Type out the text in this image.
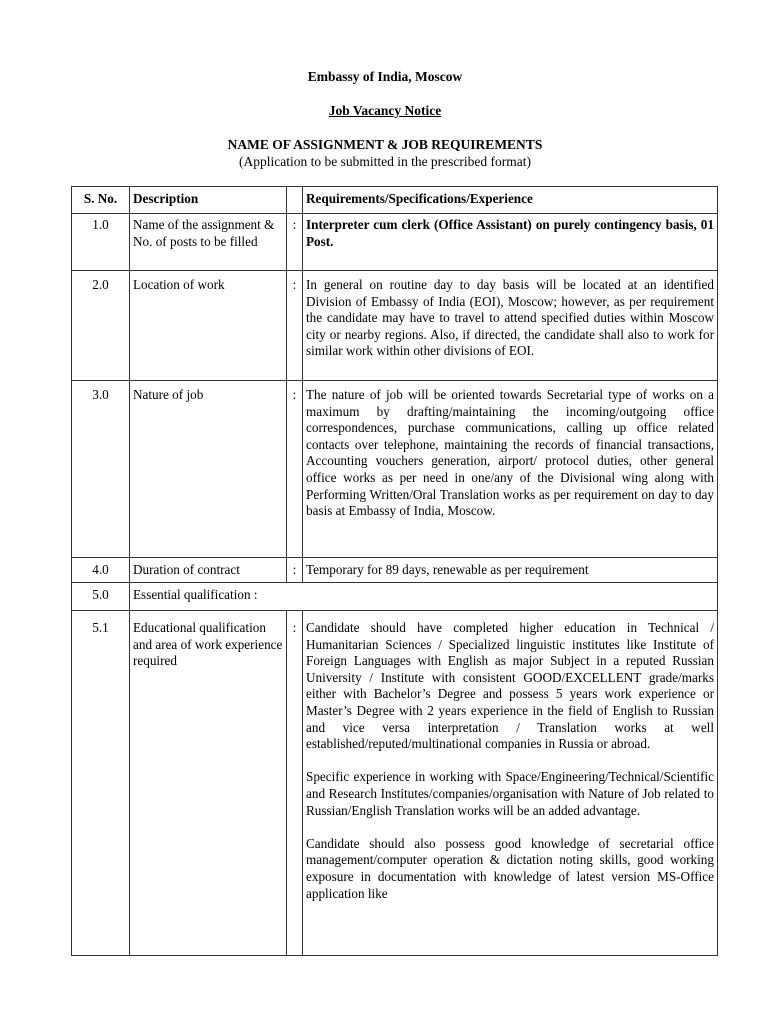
Embassy of India, Moscow
Job Vacancy Notice
NAME OF ASSIGNMENT & JOB REQUIREMENTS
(Application to be submitted in the prescribed format)
S. No.	Description		Requirements/Specifications/Experience
1.0	Name of the assignment & No. of posts to be filled	:	Interpreter cum clerk (Office Assistant) on purely contingency basis, 01 Post.
2.0	Location of work	:	In general on routine day to day basis will be located at an identified Division of Embassy of India (EOI), Moscow; however, as per requirement the candidate may have to travel to attend specified duties within Moscow city or nearby regions. Also, if directed, the candidate shall also to work for similar work within other divisions of EOI.
3.0	Nature of job	:	The nature of job will be oriented towards Secretarial type of works on a maximum by drafting/maintaining the incoming/outgoing office correspondences, purchase communications, calling up office related contacts over telephone, maintaining the records of financial transactions, Accounting vouchers generation, airport/ protocol duties, other general office works as per need in one/any of the Divisional wing along with Performing Written/Oral Translation works as per requirement on day to day basis at Embassy of India, Moscow.
4.0	Duration of contract	:	Temporary for 89 days, renewable as per requirement
5.0	Essential qualification :		
5.1	Educational qualification and area of work experience required	:	Candidate should have completed higher education in Technical / Humanitarian Sciences / Specialized linguistic institutes like Institute of Foreign Languages with English as major Subject in a reputed Russian University / Institute with consistent GOOD/EXCELLENT grade/marks either with Bachelor’s Degree and possess 5 years work experience or Master’s Degree with 2 years experience in the field of English to Russian and vice versa interpretation / Translation works at well established/reputed/multinational companies in Russia or abroad.

Specific experience in working with Space/Engineering/Technical/Scientific and Research Institutes/companies/organisation with Nature of Job related to Russian/English Translation works will be an added advantage.

Candidate should also possess good knowledge of secretarial office management/computer operation & dictation noting skills, good working exposure in documentation with knowledge of latest version MS-Office application like
